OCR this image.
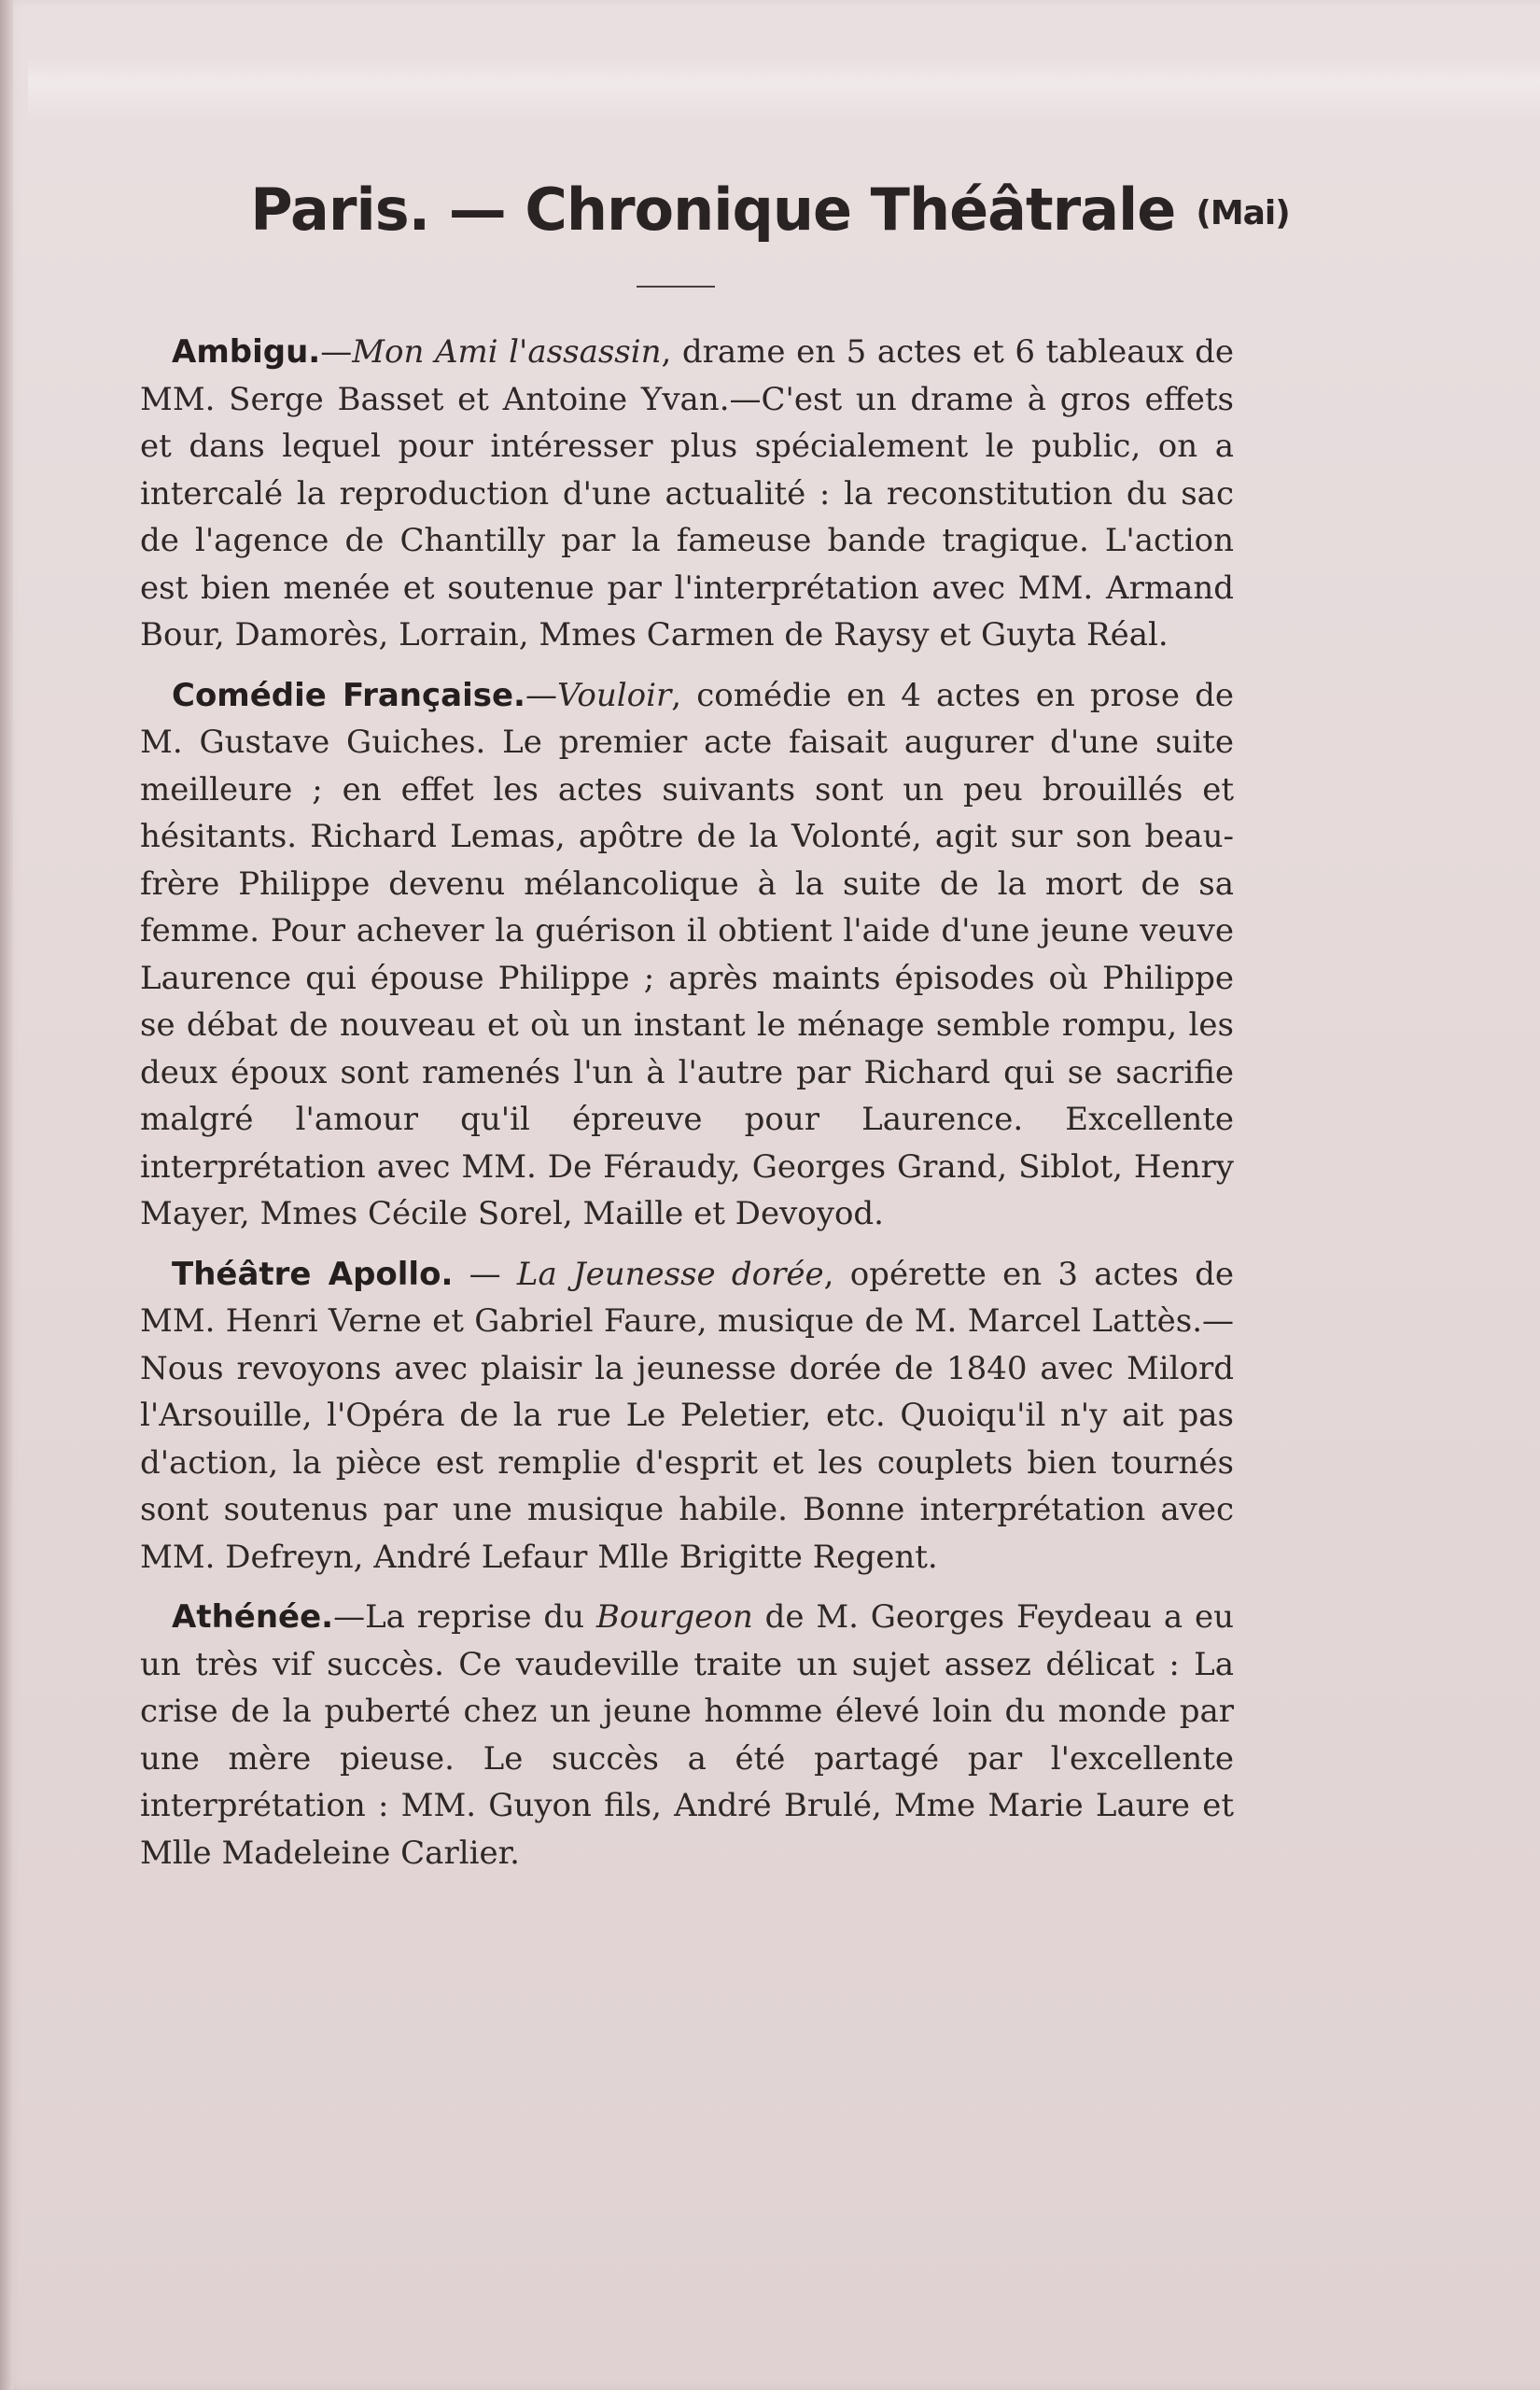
Paris. — Chronique Théâtrale (Mai)

Ambigu.—Mon Ami l'assassin, drame en 5 actes et 6 tableaux de MM. Serge Basset et Antoine Yvan.—C'est un drame à gros effets et dans lequel pour intéresser plus spécialement le public, on a intercalé la reproduction d'une actualité : la reconstitution du sac de l'agence de Chantilly par la fameuse bande tragique. L'action est bien menée et soutenue par l'interprétation avec MM. Armand Bour, Damorès, Lorrain, Mmes Carmen de Raysy et Guyta Réal.

Comédie Française.—Vouloir, comédie en 4 actes en prose de M. Gustave Guiches. Le premier acte faisait augurer d'une suite meilleure ; en effet les actes suivants sont un peu brouillés et hésitants. Richard Lemas, apôtre de la Volonté, agit sur son beau-frère Philippe devenu mélancolique à la suite de la mort de sa femme. Pour achever la guérison il obtient l'aide d'une jeune veuve Laurence qui épouse Philippe ; après maints épisodes où Philippe se débat de nouveau et où un instant le ménage semble rompu, les deux époux sont ramenés l'un à l'autre par Richard qui se sacrifie malgré l'amour qu'il épreuve pour Laurence. Excellente interprétation avec MM. De Féraudy, Georges Grand, Siblot, Henry Mayer, Mmes Cécile Sorel, Maille et Devoyod.

Théâtre Apollo. — La Jeunesse dorée, opérette en 3 actes de MM. Henri Verne et Gabriel Faure, musique de M. Marcel Lattès.—Nous revoyons avec plaisir la jeunesse dorée de 1840 avec Milord l'Arsouille, l'Opéra de la rue Le Peletier, etc. Quoiqu'il n'y ait pas d'action, la pièce est remplie d'esprit et les couplets bien tournés sont soutenus par une musique habile. Bonne interprétation avec MM. Defreyn, André Lefaur Mlle Brigitte Regent.

Athénée.—La reprise du Bourgeon de M. Georges Feydeau a eu un très vif succès. Ce vaudeville traite un sujet assez délicat : La crise de la puberté chez un jeune homme élevé loin du monde par une mère pieuse. Le succès a été partagé par l'excellente interprétation : MM. Guyon fils, André Brulé, Mme Marie Laure et Mlle Madeleine Carlier.
